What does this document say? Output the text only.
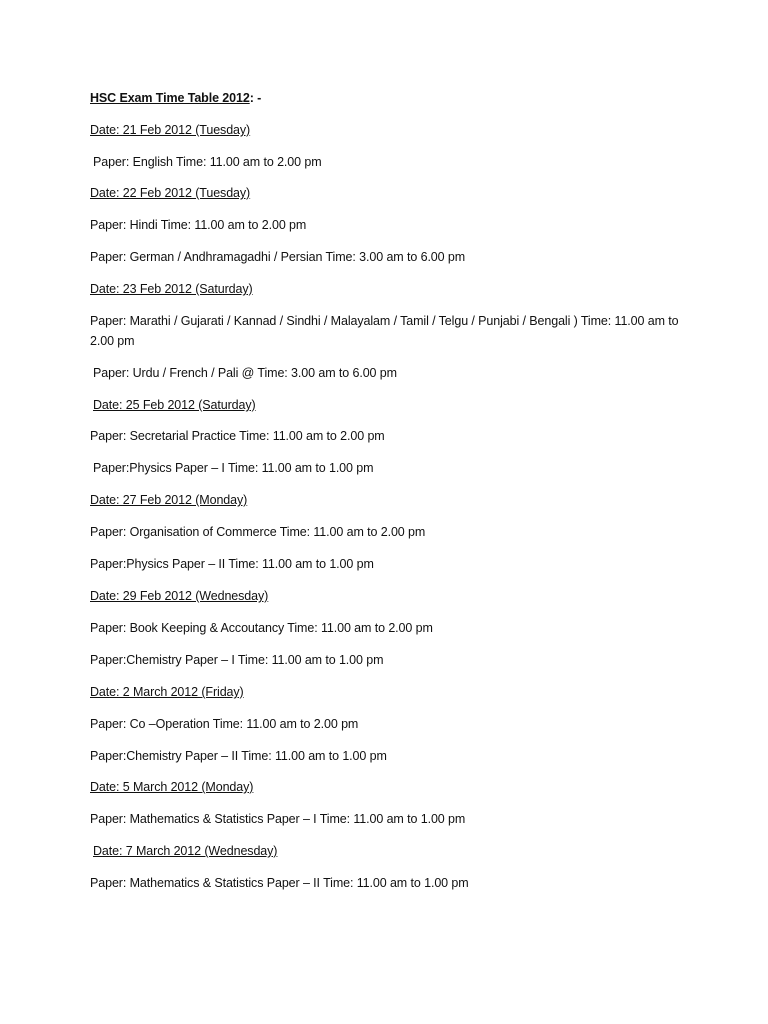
HSC Exam Time Table 2012: -
Date: 21 Feb 2012 (Tuesday)
Paper: English Time: 11.00 am to 2.00 pm
Date: 22 Feb 2012 (Tuesday)
Paper: Hindi Time: 11.00 am to 2.00 pm
Paper: German / Andhramagadhi / Persian Time: 3.00 am to 6.00 pm
Date: 23 Feb 2012 (Saturday)
Paper: Marathi / Gujarati / Kannad / Sindhi / Malayalam / Tamil / Telgu / Punjabi / Bengali ) Time: 11.00 am to 2.00 pm
Paper: Urdu / French / Pali @ Time: 3.00 am to 6.00 pm
Date: 25 Feb 2012 (Saturday)
Paper: Secretarial Practice Time: 11.00 am to 2.00 pm
Paper:Physics Paper – I Time: 11.00 am to 1.00 pm
Date: 27 Feb 2012 (Monday)
Paper: Organisation of Commerce Time: 11.00 am to 2.00 pm
Paper:Physics Paper – II Time: 11.00 am to 1.00 pm
Date: 29 Feb 2012 (Wednesday)
Paper: Book Keeping & Accoutancy Time: 11.00 am to 2.00 pm
Paper:Chemistry Paper – I Time: 11.00 am to 1.00 pm
Date: 2 March 2012 (Friday)
Paper: Co –Operation Time: 11.00 am to 2.00 pm
Paper:Chemistry Paper – II Time: 11.00 am to 1.00 pm
Date: 5 March 2012 (Monday)
Paper: Mathematics & Statistics Paper – I Time: 11.00 am to 1.00 pm
Date: 7 March 2012 (Wednesday)
Paper: Mathematics & Statistics Paper – II Time: 11.00 am to 1.00 pm
